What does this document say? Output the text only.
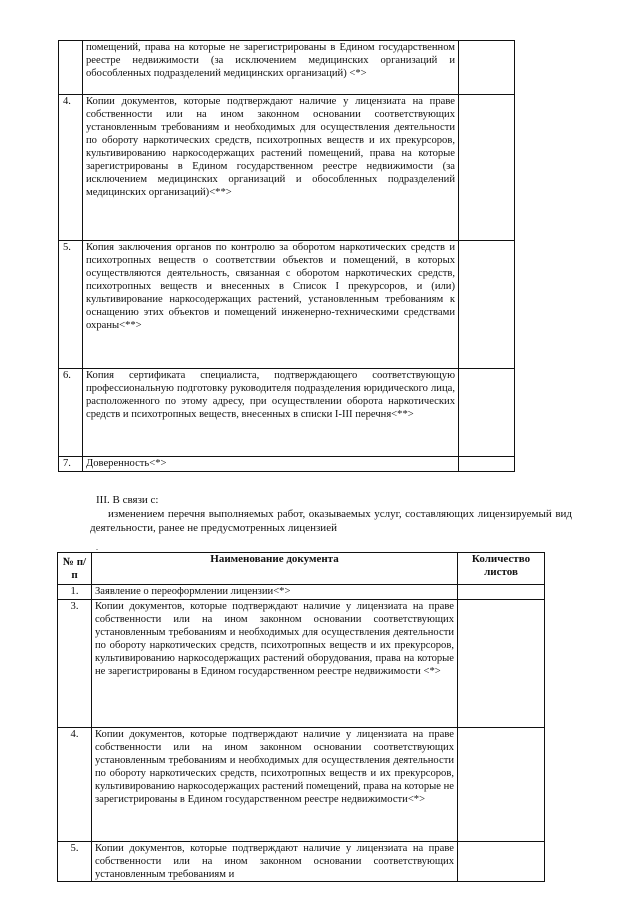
	помещений, права на которые не зарегистрированы в Едином государственном реестре недвижимости (за исключением медицинских организаций и обособленных подразделений медицинских организаций) <*>	
4.	Копии документов, которые подтверждают наличие у лицензиата на праве собственности или на ином законном основании соответствующих установленным требованиям и необходимых для осуществления деятельности по обороту наркотических средств, психотропных веществ и их прекурсоров, культивированию наркосодержащих растений помещений, права на которые зарегистрированы в Едином государственном реестре недвижимости (за исключением медицинских организаций и обособленных подразделений медицинских организаций)<**>	
5.	Копия заключения органов по контролю за оборотом наркотических средств и психотропных веществ о соответствии объектов и помещений, в которых осуществляются деятельность, связанная с оборотом наркотических средств, психотропных веществ и внесенных в Список I прекурсоров, и (или) культивирование наркосодержащих растений, установленным требованиям к оснащению этих объектов и помещений инженерно-техническими средствами охраны<**>	
6.	Копия сертификата специалиста, подтверждающего соответствующую профессиональную подготовку руководителя подразделения юридического лица, расположенного по этому адресу, при осуществлении оборота наркотических средств и психотропных веществ, внесенных в списки I-III перечня<**>	
7.	Доверенность<*>	
III. В связи с:
изменением перечня выполняемых работ, оказываемых услуг, составляющих лицензируемый вид деятельности, ранее не предусмотренных лицензией
.
№ п/п	Наименование документа	Количество листов
1.	Заявление о переоформлении лицензии<*>	
3.	Копии документов, которые подтверждают наличие у лицензиата на праве собственности или на ином законном основании соответствующих установленным требованиям и необходимых для осуществления деятельности по обороту наркотических средств, психотропных веществ и их прекурсоров, культивированию наркосодержащих растений оборудования, права на которые не зарегистрированы в Едином государственном реестре недвижимости <*>	
4.	Копии документов, которые подтверждают наличие у лицензиата на праве собственности или на ином законном основании соответствующих установленным требованиям и необходимых для осуществления деятельности по обороту наркотических средств, психотропных веществ и их прекурсоров, культивированию наркосодержащих растений помещений, права на которые не зарегистрированы в Едином государственном реестре недвижимости<*>	
5.	Копии документов, которые подтверждают наличие у лицензиата на праве собственности или на ином законном основании соответствующих установленным требованиям и	
